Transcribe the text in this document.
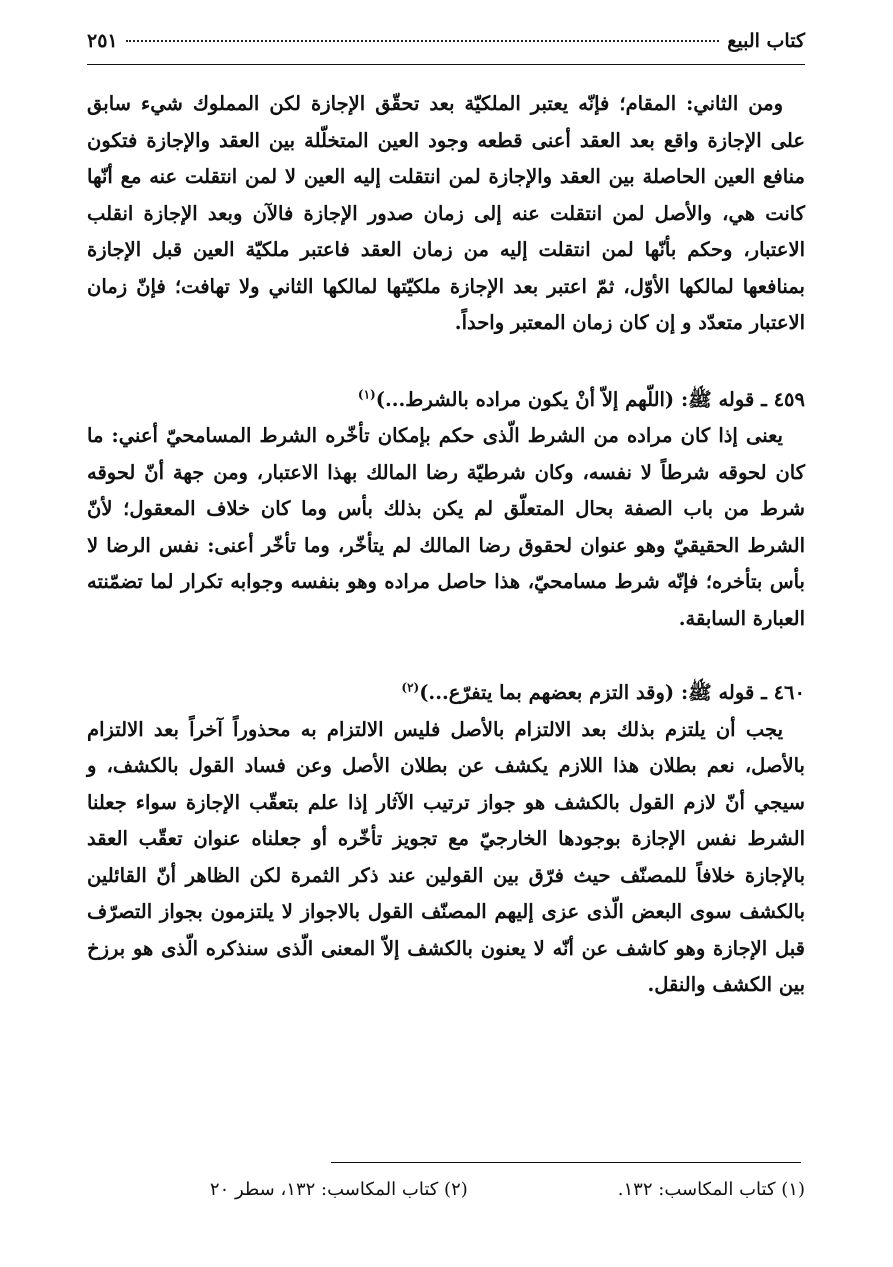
كتاب البيع
٢٥١

ومن الثاني: المقام؛ فإنّه يعتبر الملكيّة بعد تحقّق الإجازة لكن المملوك شيء سابق على الإجازة واقع بعد العقد أعنى قطعه وجود العين المتخلّلة بين العقد والإجازة فتكون منافع العين الحاصلة بين العقد والإجازة لمن انتقلت إليه العين لا لمن انتقلت عنه مع أنّها كانت هي، والأصل لمن انتقلت عنه إلى زمان صدور الإجازة فالآن وبعد الإجازة انقلب الاعتبار، وحكم بأنّها لمن انتقلت إليه من زمان العقد فاعتبر ملكيّة العين قبل الإجازة بمنافعها لمالكها الأوّل، ثمّ اعتبر بعد الإجازة ملكيّتها لمالكها الثاني ولا تهافت؛ فإنّ زمان الاعتبار متعدّد و إن كان زمان المعتبر واحداً.

٤٥٩ ـ قوله ﷺ: (اللّهم إلاّ أنْ يكون مراده بالشرط...)$^{(١)}$

يعنى إذا كان مراده من الشرط الّذى حكم بإمكان تأخّره الشرط المسامحيّ أعني: ما كان لحوقه شرطاً لا نفسه، وكان شرطيّة رضا المالك بهذا الاعتبار، ومن جهة أنّ لحوقه شرط من باب الصفة بحال المتعلّق لم يكن بذلك بأس وما كان خلاف المعقول؛ لأنّ الشرط الحقيقيّ وهو عنوان لحقوق رضا المالك لم يتأخّر، وما تأخّر أعنى: نفس الرضا لا بأس بتأخره؛ فإنّه شرط مسامحيّ، هذا حاصل مراده وهو بنفسه وجوابه تكرار لما تضمّنته العبارة السابقة.

٤٦٠ ـ قوله ﷺ: (وقد التزم بعضهم بما يتفرّع...)$^{(٢)}$

يجب أن يلتزم بذلك بعد الالتزام بالأصل فليس الالتزام به محذوراً آخراً بعد الالتزام بالأصل، نعم بطلان هذا اللازم يكشف عن بطلان الأصل وعن فساد القول بالكشف، و سيجي أنّ لازم القول بالكشف هو جواز ترتيب الآثار إذا علم بتعقّب الإجازة سواء جعلنا الشرط نفس الإجازة بوجودها الخارجيّ مع تجويز تأخّره أو جعلناه عنوان تعقّب العقد بالإجازة خلافاً للمصنّف حيث فرّق بين القولين عند ذكر الثمرة لكن الظاهر أنّ القائلين بالكشف سوى البعض الّذى عزى إليهم المصنّف القول بالاجواز لا يلتزمون بجواز التصرّف قبل الإجازة وهو كاشف عن أنّه لا يعنون بالكشف إلاّ المعنى الّذى سنذكره الّذى هو برزخ بين الكشف والنقل.

(١) كتاب المكاسب: ١٣٢.
(٢) كتاب المكاسب: ١٣٢، سطر ٢٠
